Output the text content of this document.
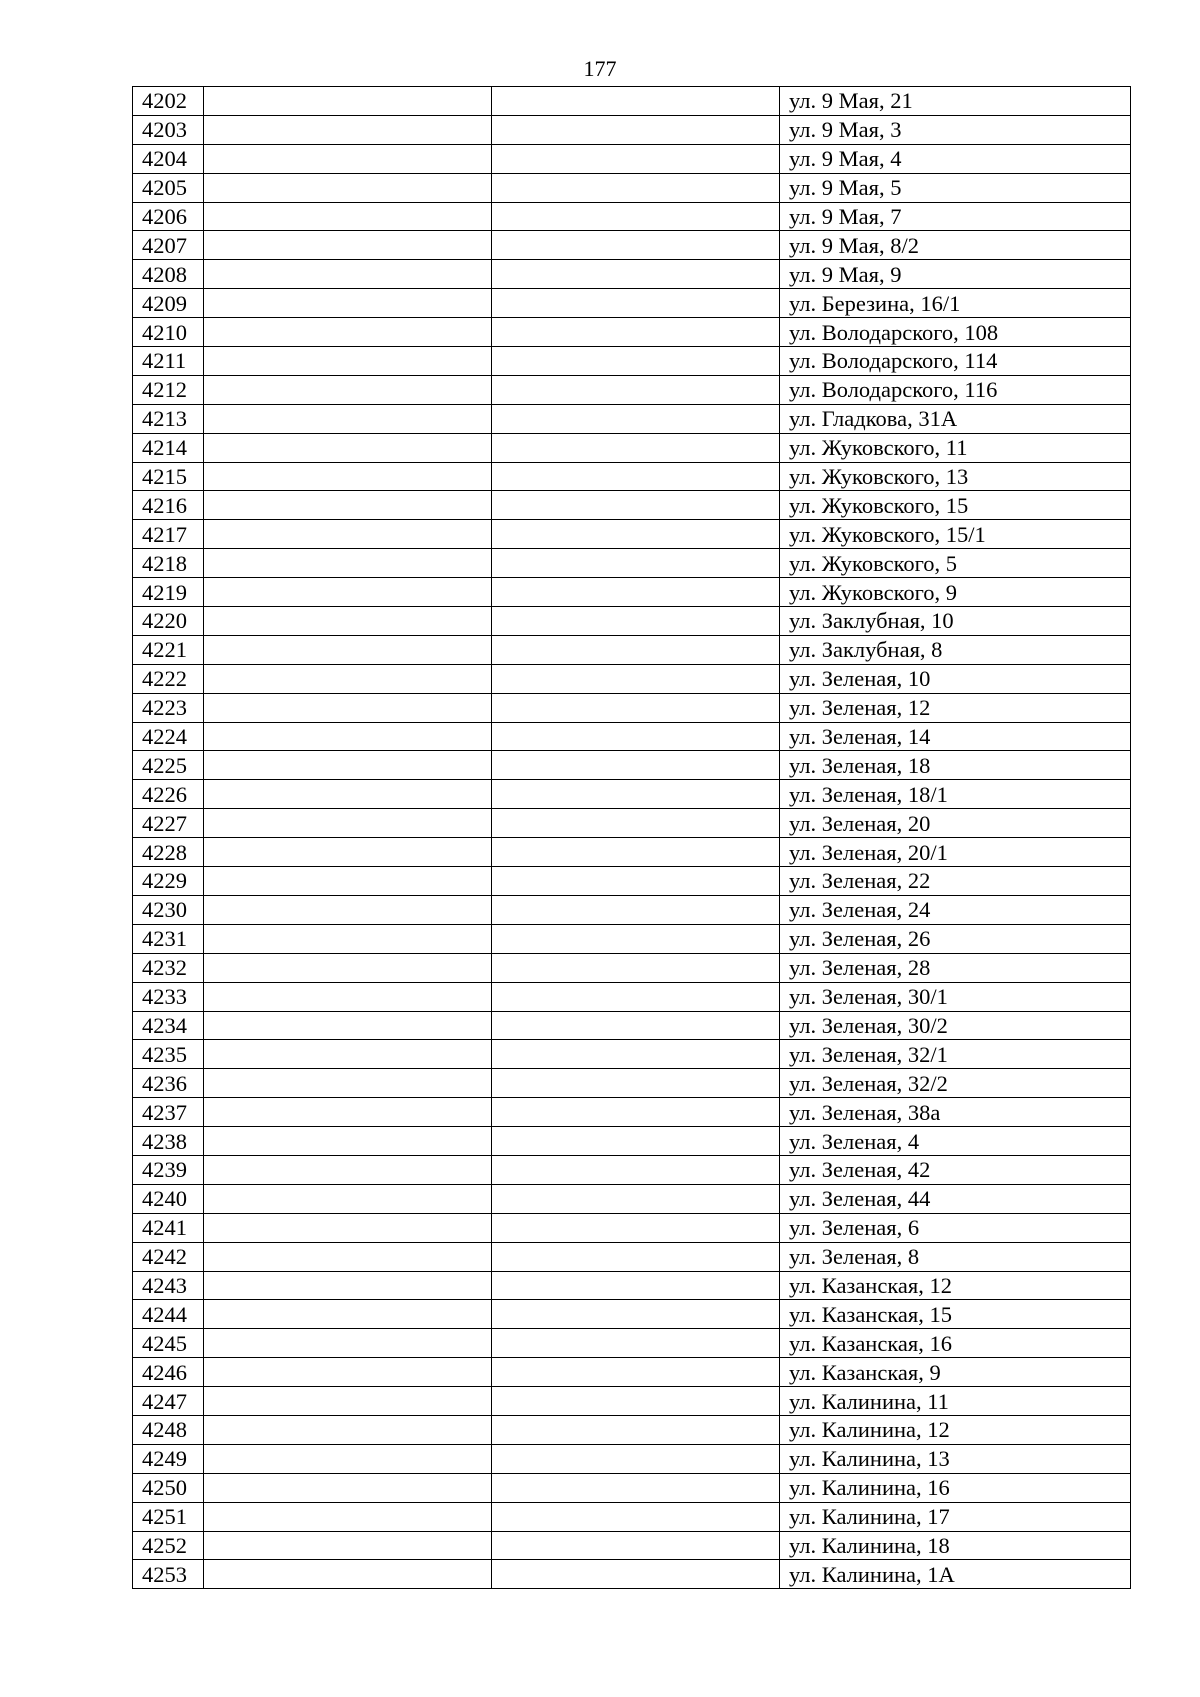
177
4202			ул. 9 Мая, 21
4203			ул. 9 Мая, 3
4204			ул. 9 Мая, 4
4205			ул. 9 Мая, 5
4206			ул. 9 Мая, 7
4207			ул. 9 Мая, 8/2
4208			ул. 9 Мая, 9
4209			ул. Березина, 16/1
4210			ул. Володарского, 108
4211			ул. Володарского, 114
4212			ул. Володарского, 116
4213			ул. Гладкова, 31А
4214			ул. Жуковского, 11
4215			ул. Жуковского, 13
4216			ул. Жуковского, 15
4217			ул. Жуковского, 15/1
4218			ул. Жуковского, 5
4219			ул. Жуковского, 9
4220			ул. Заклубная, 10
4221			ул. Заклубная, 8
4222			ул. Зеленая, 10
4223			ул. Зеленая, 12
4224			ул. Зеленая, 14
4225			ул. Зеленая, 18
4226			ул. Зеленая, 18/1
4227			ул. Зеленая, 20
4228			ул. Зеленая, 20/1
4229			ул. Зеленая, 22
4230			ул. Зеленая, 24
4231			ул. Зеленая, 26
4232			ул. Зеленая, 28
4233			ул. Зеленая, 30/1
4234			ул. Зеленая, 30/2
4235			ул. Зеленая, 32/1
4236			ул. Зеленая, 32/2
4237			ул. Зеленая, 38а
4238			ул. Зеленая, 4
4239			ул. Зеленая, 42
4240			ул. Зеленая, 44
4241			ул. Зеленая, 6
4242			ул. Зеленая, 8
4243			ул. Казанская, 12
4244			ул. Казанская, 15
4245			ул. Казанская, 16
4246			ул. Казанская, 9
4247			ул. Калинина, 11
4248			ул. Калинина, 12
4249			ул. Калинина, 13
4250			ул. Калинина, 16
4251			ул. Калинина, 17
4252			ул. Калинина, 18
4253			ул. Калинина, 1А
